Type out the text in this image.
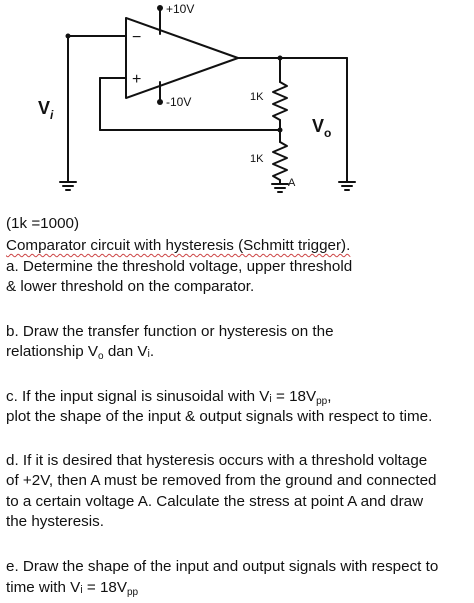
+10V
-10V
−
+
1K
1K
A
$V_i$
$V_o$
(1k =1000)
Comparator circuit with hysteresis (Schmitt trigger).
a. Determine the threshold voltage, upper threshold
& lower threshold on the comparator.
b. Draw the transfer function or hysteresis on the
relationship $V_o$ dan Vᵢ.
c. If the input signal is sinusoidal with Vᵢ = $18V_{pp}$,
plot the shape of the input & output signals with respect to time.
d. If it is desired that hysteresis occurs with a threshold voltage
of +2V, then A must be removed from the ground and connected
to a certain voltage A. Calculate the stress at point A and draw
the hysteresis.
e. Draw the shape of the input and output signals with respect to
time with Vᵢ = $18V_{pp}$
